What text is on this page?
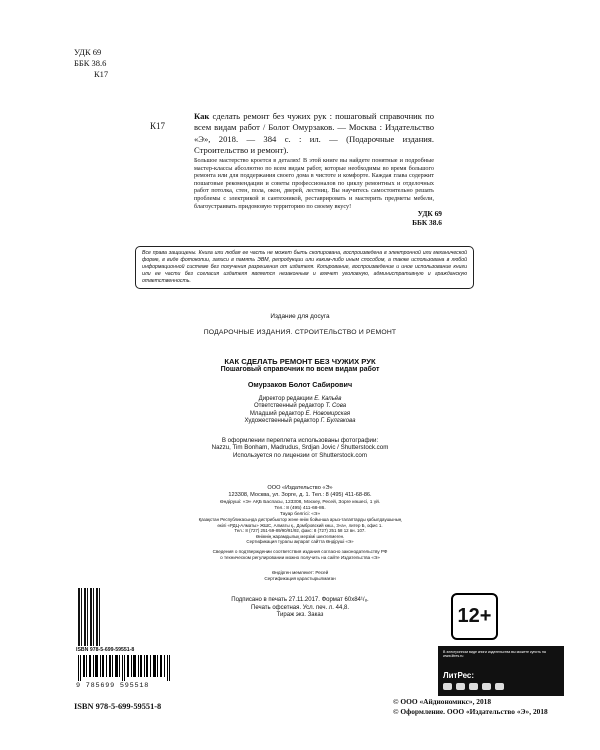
УДК 69
ББК 38.6
К17
К17
Как сделать ремонт без чужих рук : пошаговый справочник по всем видам работ / Болот Омурзаков. — Москва : Издательство «Э», 2018. — 384 с. : ил. — (Подарочные издания. Строительство и ремонт).
Большое мастерство кроется в деталях! В этой книге вы найдете понятные и подробные мастер-классы абсолютно по всем видам работ, которые необходимы во время большого ремонта или для поддержания своего дома в чистоте и комфорте. Каждая глава содержит пошаговые рекомендации и советы профессионалов по циклу ремонтных и отделочных работ потолка, стен, пола, окон, дверей, лестниц. Вы научитесь самостоятельно решать проблемы с электрикой и сантехникой, реставрировать и мастерить предметы мебели, благоустраивать придомовую территорию по своему вкусу!
УДК 69
ББК 38.6
Все права защищены. Книга или любая ее часть не может быть скопирована, воспроизведена в электронной или механической форме, в виде фотокопии, записи в память ЭВМ, репродукции или каким-либо иным способом, а также использована в любой информационной системе без получения разрешения от издателя. Копирование, воспроизведение и иное использование книги или ее части без согласия издателя является незаконным и влечет уголовную, административную и гражданскую ответственность.
Издание для досуга
ПОДАРОЧНЫЕ ИЗДАНИЯ. СТРОИТЕЛЬСТВО И РЕМОНТ
КАК СДЕЛАТЬ РЕМОНТ БЕЗ ЧУЖИХ РУК
Пошаговый справочник по всем видам работ
Омурзаков Болот Сабирович
Директор редакции Е. Капьёв
Ответственный редактор Т. Сова
Младший редактор Е. Новомирская
Художественный редактор Г. Булгакова
В оформлении переплета использованы фотографии:
Nazzu, Tim Bonham, Madrudus, Srdjan Jovic / Shutterstock.com
Используется по лицензии от Shutterstock.com
ООО «Издательство «Э»
123308, Москва, ул. Зорге, д. 1. Тел.: 8 (495) 411-68-86.
Өндіруші: «Э» АҚБ Баспасы, 123308, Мәскеу, Ресей, Зорге көшесі, 1 үй.
Тел.: 8 (495) 411-68-86.
Тауар белгісі: «Э»
Қазақстан Республикасында дистрибьютор және өнім бойынша арыз-талаптарды қабылдаушының
өкілі «РДЦ-Алматы» ЖШС, Алматы қ., Домбровский көш., 3«а», литер Б, офис 1.
Тел.: 8 (727) 251-59-89/90/91/92, факс: 8 (727) 251 58 12 вн. 107.
Өнімнің жарамдылық мерзімі шектелмеген.
Сертификация туралы ақпарат сайтта Өндіруші «Э»
Сведения о подтверждении соответствия издания согласно законодательству РФ
о техническом регулировании можно получить на сайте Издательства «Э»
Өндірген мемлекет: Ресей
Сертификация қарастырылмаған
Подписано в печать 27.11.2017. Формат 60x84¹/₈.
Печать офсетная. Усл. печ. л. 44,8.
Тираж экз. Заказ	12+
ISBN 978-5-699-59551-8
9 785699 595518
В электронном виде книги издательства вы можете купить на www.litres.ru
ЛитРес:
ISBN 978-5-699-59551-8
© ООО «Айдиономикс», 2018
© Оформление. ООО «Издательство «Э», 2018
